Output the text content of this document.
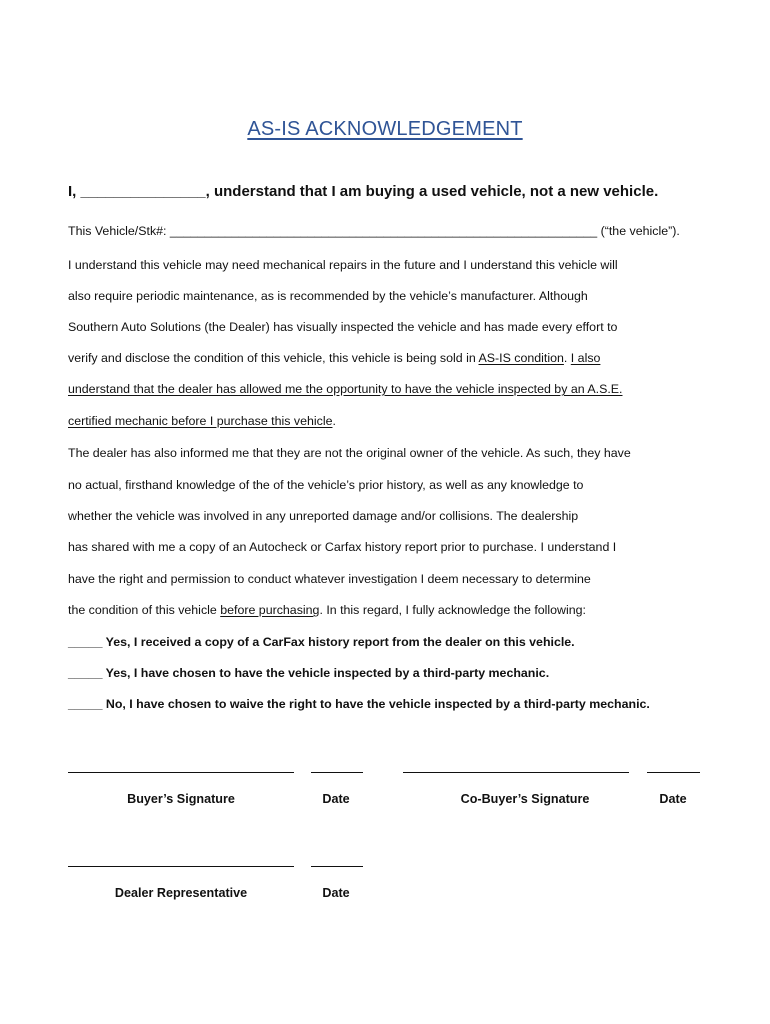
AS-IS ACKNOWLEDGEMENT
I, _______________, understand that I am buying a used vehicle, not a new vehicle.
This Vehicle/Stk#: ______________________________________________________________ (“the vehicle”).
I understand this vehicle may need mechanical repairs in the future and I understand this vehicle will
also require periodic maintenance, as is recommended by the vehicle’s manufacturer. Although
Southern Auto Solutions (the Dealer) has visually inspected the vehicle and has made every effort to
verify and disclose the condition of this vehicle, this vehicle is being sold in AS-IS condition. I also
understand that the dealer has allowed me the opportunity to have the vehicle inspected by an A.S.E.
certified mechanic before I purchase this vehicle.
The dealer has also informed me that they are not the original owner of the vehicle. As such, they have
no actual, firsthand knowledge of the of the vehicle’s prior history, as well as any knowledge to
whether the vehicle was involved in any unreported damage and/or collisions. The dealership
has shared with me a copy of an Autocheck or Carfax history report prior to purchase. I understand I
have the right and permission to conduct whatever investigation I deem necessary to determine
the condition of this vehicle before purchasing. In this regard, I fully acknowledge the following:
_____ Yes, I received a copy of a CarFax history report from the dealer on this vehicle.
_____ Yes, I have chosen to have the vehicle inspected by a third-party mechanic.
_____ No, I have chosen to waive the right to have the vehicle inspected by a third-party mechanic.
Buyer’s Signature	Date	Co-Buyer’s Signature	Date
Dealer Representative	Date
